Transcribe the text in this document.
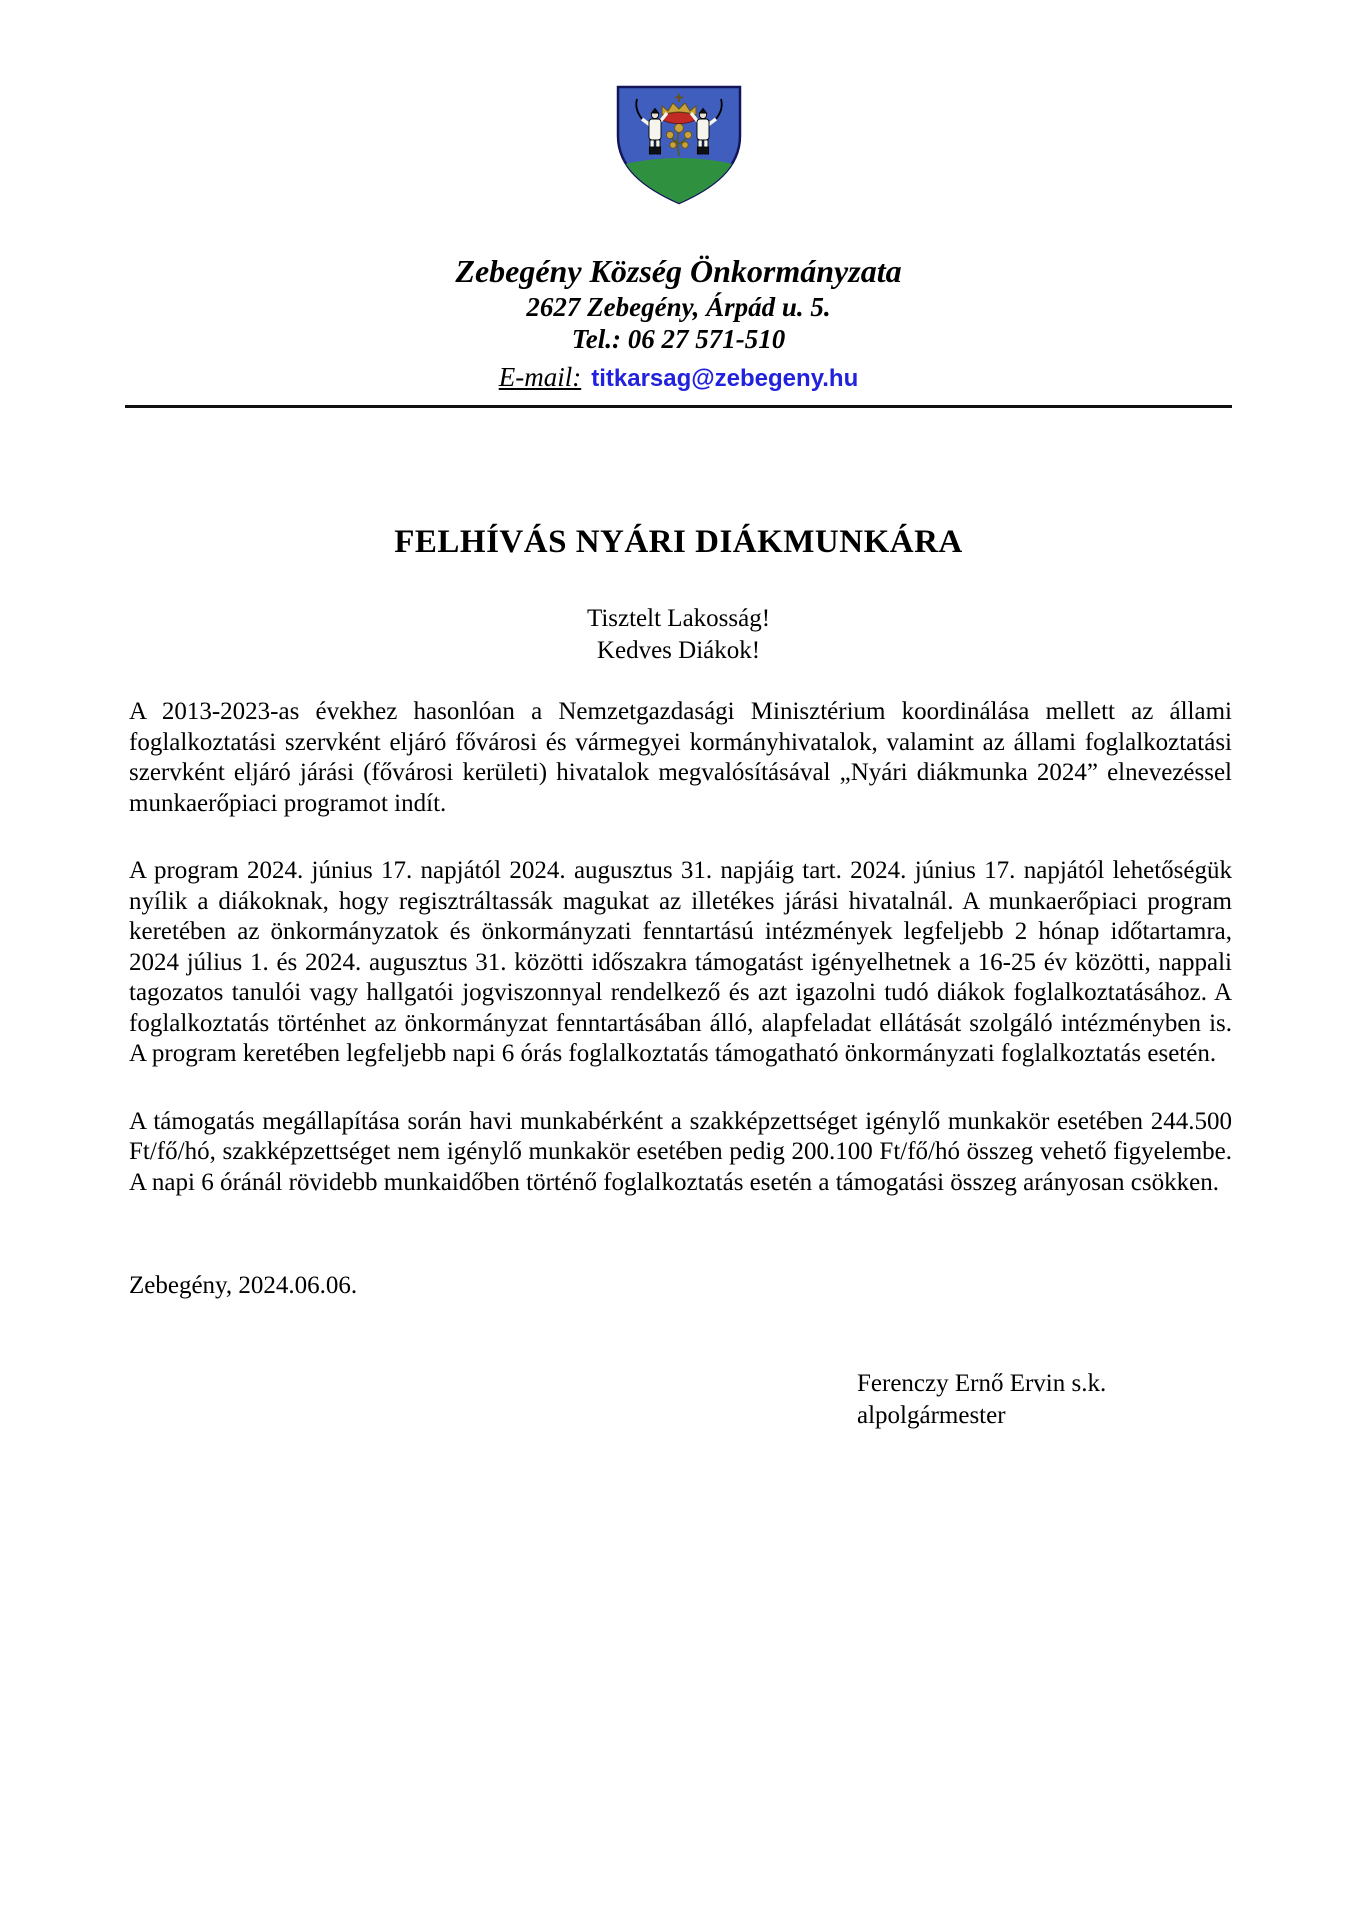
Zebegény Község Önkormányzata
2627 Zebegény, Árpád u. 5.
Tel.: 06 27 571-510
E-mail: titkarsag@zebegeny.hu
FELHÍVÁS NYÁRI DIÁKMUNKÁRA
Tisztelt Lakosság!
Kedves Diákok!

A 2013-2023-as évekhez hasonlóan a Nemzetgazdasági Minisztérium koordinálása mellett az állami foglalkoztatási szervként eljáró fővárosi és vármegyei kormányhivatalok, valamint az állami foglalkoztatási szervként eljáró járási (fővárosi kerületi) hivatalok megvalósításával „Nyári diákmunka 2024” elnevezéssel munkaerőpiaci programot indít.

A program 2024. június 17. napjától 2024. augusztus 31. napjáig tart. 2024. június 17. napjától lehetőségük nyílik a diákoknak, hogy regisztráltassák magukat az illetékes járási hivatalnál. A munkaerőpiaci program keretében az önkormányzatok és önkormányzati fenntartású intézmények legfeljebb 2 hónap időtartamra, 2024 július 1. és 2024. augusztus 31. közötti időszakra támogatást igényelhetnek a 16-25 év közötti, nappali tagozatos tanulói vagy hallgatói jogviszonnyal rendelkező és azt igazolni tudó diákok foglalkoztatásához. A foglalkoztatás történhet az önkormányzat fenntartásában álló, alapfeladat ellátását szolgáló intézményben is. A program keretében legfeljebb napi 6 órás foglalkoztatás támogatható önkormányzati foglalkoztatás esetén.

A támogatás megállapítása során havi munkabérként a szakképzettséget igénylő munkakör esetében 244.500 Ft/fő/hó, szakképzettséget nem igénylő munkakör esetében pedig 200.100 Ft/fő/hó összeg vehető figyelembe. A napi 6 óránál rövidebb munkaidőben történő foglalkoztatás esetén a támogatási összeg arányosan csökken.

Zebegény, 2024.06.06.
Ferenczy Ernő Ervin s.k.
alpolgármester
